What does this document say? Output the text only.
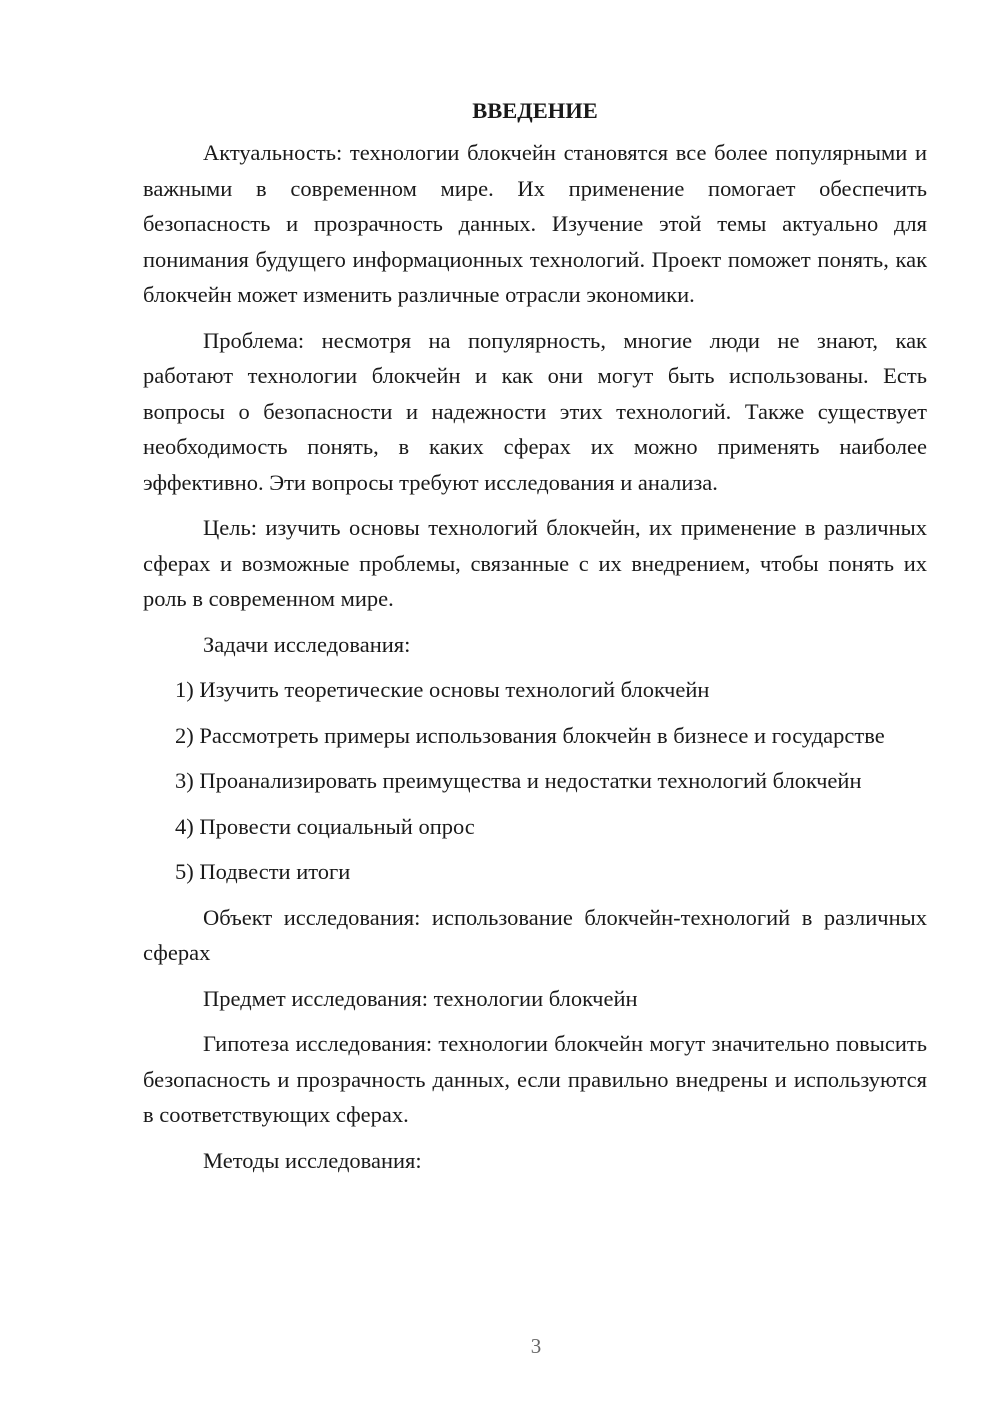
ВВЕДЕНИЕ

Актуальность: технологии блокчейн становятся все более популярными и важными в современном мире. Их применение помогает обеспечить безопасность и прозрачность данных. Изучение этой темы актуально для понимания будущего информационных технологий. Проект поможет понять, как блокчейн может изменить различные отрасли экономики.

Проблема: несмотря на популярность, многие люди не знают, как работают технологии блокчейн и как они могут быть использованы. Есть вопросы о безопасности и надежности этих технологий. Также существует необходимость понять, в каких сферах их можно применять наиболее эффективно. Эти вопросы требуют исследования и анализа.

Цель: изучить основы технологий блокчейн, их применение в различных сферах и возможные проблемы, связанные с их внедрением, чтобы понять их роль в современном мире.

Задачи исследования:

1) Изучить теоретические основы технологий блокчейн

2) Рассмотреть примеры использования блокчейн в бизнесе и государстве

3) Проанализировать преимущества и недостатки технологий блокчейн

4) Провести социальный опрос

5) Подвести итоги

Объект исследования: использование блокчейн-технологий в различных сферах

Предмет исследования: технологии блокчейн

Гипотеза исследования: технологии блокчейн могут значительно повысить безопасность и прозрачность данных, если правильно внедрены и используются в соответствующих сферах.

Методы исследования:

3
